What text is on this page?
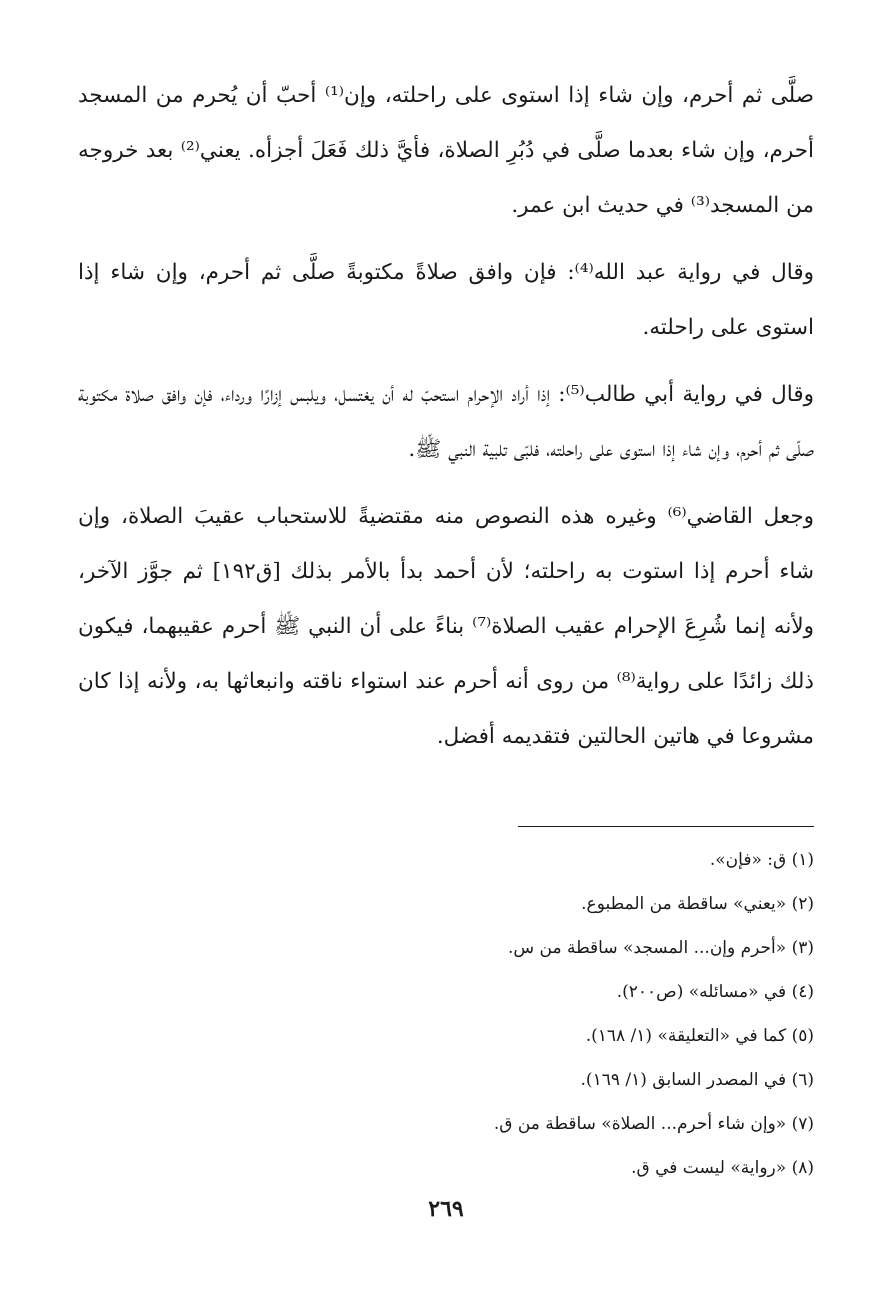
صلَّى ثم أحرم، وإن شاء إذا استوى على راحلته، وإن⁽¹⁾ أحبّ أن يُحرم من المسجد أحرم، وإن شاء بعدما صلَّى في دُبُرِ الصلاة، فأيَّ ذلك فَعَلَ أجزأه. يعني⁽²⁾ بعد خروجه من المسجد⁽³⁾ في حديث ابن عمر.

وقال في رواية عبد الله⁽⁴⁾: فإن وافق صلاةً مكتوبةً صلَّى ثم أحرم، وإن شاء إذا استوى على راحلته.

وقال في رواية أبي طالب⁽⁵⁾: إذا أراد الإحرام استحبّ له أن يغتسل، ويلبس إزارًا ورداء، فإن وافق صلاة مكتوبة صلّى ثم أحرم، وإن شاء إذا استوى على راحلته، فلبّى تلبية النبي ﷺ.

وجعل القاضي⁽⁶⁾ وغيره هذه النصوص منه مقتضيةً للاستحباب عقيبَ الصلاة، وإن شاء أحرم إذا استوت به راحلته؛ لأن أحمد بدأ بالأمر بذلك [ق١٩٢] ثم جوَّز الآخر، ولأنه إنما شُرِعَ الإحرام عقيب الصلاة⁽⁷⁾ بناءً على أن النبي ﷺ أحرم عقيبهما، فيكون ذلك زائدًا على رواية⁽⁸⁾ من روى أنه أحرم عند استواء ناقته وانبعاثها به، ولأنه إذا كان مشروعا في هاتين الحالتين فتقديمه أفضل.

(١) ق: «فإن».
(٢) «يعني» ساقطة من المطبوع.
(٣) «أحرم وإن... المسجد» ساقطة من س.
(٤) في «مسائله» (ص٢٠٠).
(٥) كما في «التعليقة» (١/ ١٦٨).
(٦) في المصدر السابق (١/ ١٦٩).
(٧) «وإن شاء أحرم... الصلاة» ساقطة من ق.
(٨) «رواية» ليست في ق.
٢٦٩
